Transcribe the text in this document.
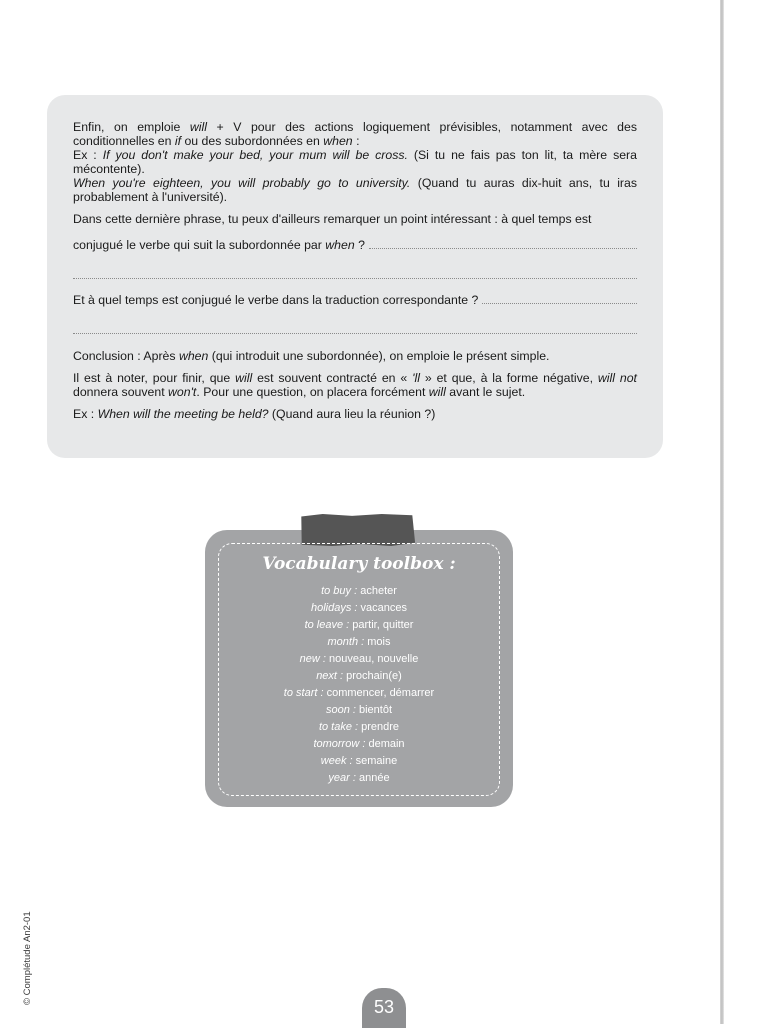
Enfin, on emploie will + V pour des actions logiquement prévisibles, notamment avec des conditionnelles en if ou des subordonnées en when :

Ex : If you don't make your bed, your mum will be cross. (Si tu ne fais pas ton lit, ta mère sera mécontente).

When you're eighteen, you will probably go to university. (Quand tu auras dix-huit ans, tu iras probablement à l'université).

Dans cette dernière phrase, tu peux d'ailleurs remarquer un point intéressant : à quel temps est

conjugué le verbe qui suit la subordonnée par when ?
Et à quel temps est conjugué le verbe dans la traduction correspondante ?

Conclusion : Après when (qui introduit une subordonnée), on emploie le présent simple.

Il est à noter, pour finir, que will est souvent contracté en « 'll » et que, à la forme négative, will not donnera souvent won't. Pour une question, on placera forcément will avant le sujet.

Ex : When will the meeting be held? (Quand aura lieu la réunion ?)

Vocabulary toolbox :
to buy : acheter
holidays : vacances
to leave : partir, quitter
month : mois
new : nouveau, nouvelle
next : prochain(e)
to start : commencer, démarrer
soon : bientôt
to take : prendre
tomorrow : demain
week : semaine
year : année
© Complétude An2-01
53
